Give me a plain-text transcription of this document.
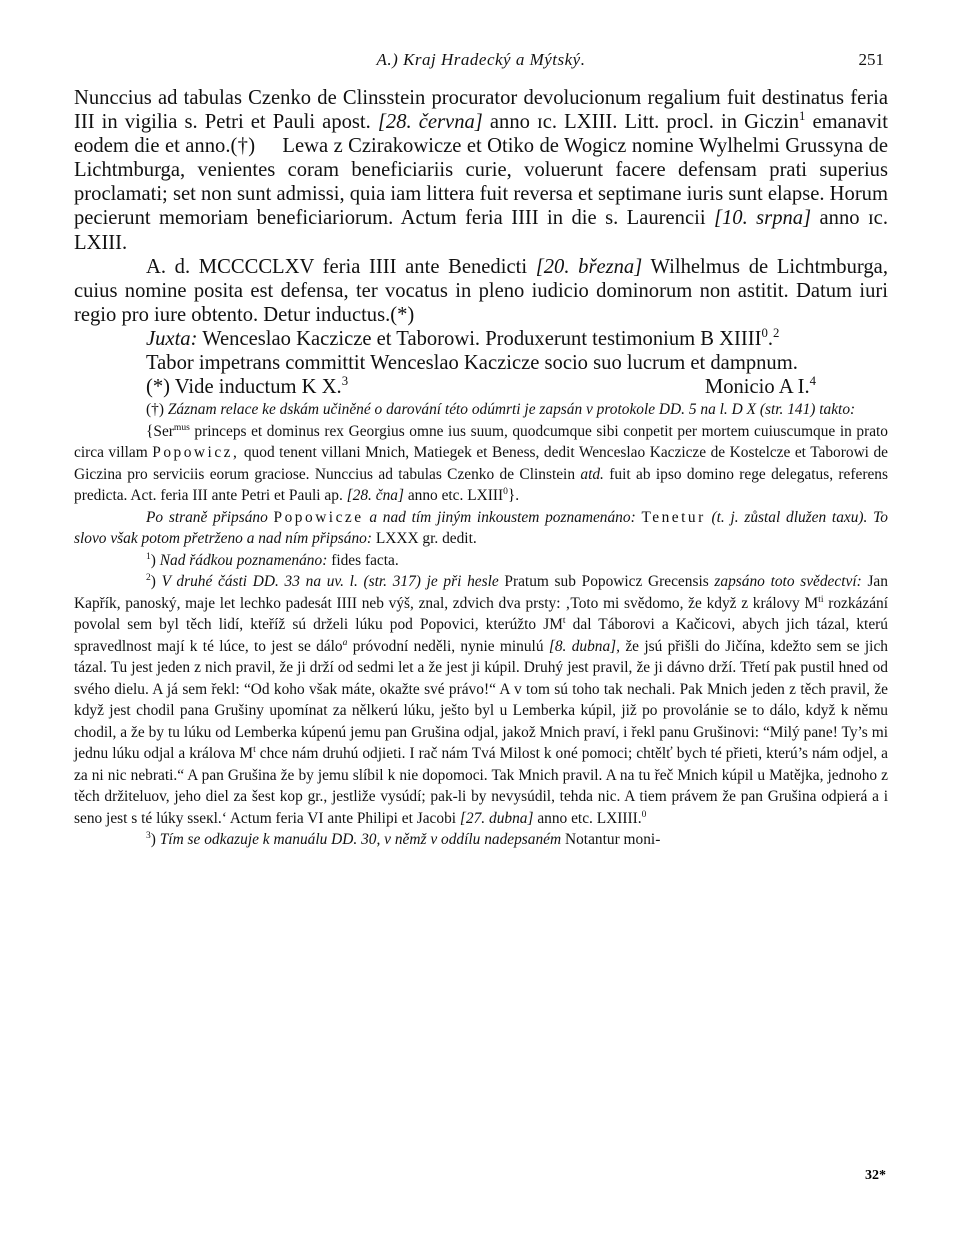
A.) Kraj Hradecký a Mýtský.	251

Nunccius ad tabulas Czenko de Clinsstein procurator devolucionum regalium fuit destinatus feria III in vigilia s. Petri et Pauli apost. [28. června] anno ɪc. LXIII. Litt. procl. in Giczin$^1$ emanavit eodem die et anno.(†) Lewa z Czirakowicze et Otiko de Wogicz nomine Wylhelmi Grussyna de Lichtmburga, venientes coram beneficiariis curie, voluerunt facere defensam prati superius proclamati; set non sunt admissi, quia iam littera fuit reversa et septimane iuris sunt elapse. Horum pecierunt memoriam beneficiariorum. Actum feria IIII in die s. Laurencii [10. srpna] anno ɪc. LXIII.

A. d. MCCCCLXV feria IIII ante Benedicti [20. března] Wilhelmus de Lichtmburga, cuius nomine posita est defensa, ter vocatus in pleno iudicio dominorum non astitit. Datum iuri regio pro iure obtento. Detur inductus.(*)

Juxta: Wenceslao Kaczicze et Taborowi. Produxerunt testimonium B XIIII$^0$.$^2$

Tabor impetrans committit Wenceslao Kaczicze socio suo lucrum et dampnum.

(*) Vide inductum K X.$^3$	Monicio A I.$^4$

(†) Záznam relace ke dskám učiněné o darování této odúmrti je zapsán v protokole DD. 5 na l. D X (str. 141) takto:

{Ser$^{mus}$ princeps et dominus rex Georgius omne ius suum, quodcumque sibi conpetit per mortem cuiuscumque in prato circa villam Popowicz, quod tenent villani Mnich, Matiegek et Beness, dedit Wenceslao Kaczicze de Kostelcze et Taborowi de Giczina pro serviciis eorum graciose. Nunccius ad tabulas Czenko de Clinstein atd. fuit ab ipso domino rege delegatus, referens predicta. Act. feria III ante Petri et Pauli ap. [28. čna] anno etc. LXIII$^0$}.

Po straně připsáno Popowicze a nad tím jiným inkoustem poznamenáno: Tenetur (t. j. zůstal dlužen taxu). To slovo však potom přetrženo a nad ním připsáno: LXXX gr. dedit.

$^1$) Nad řádkou poznamenáno: fides facta.

$^2$) V druhé části DD. 33 na uv. l. (str. 317) je při hesle Pratum sub Popowicz Grecensis zapsáno toto svědectví: Jan Kapřík, panoský, maje let lechko padesát IIII neb výš, znal, zdvich dva prsty: ‚Toto mi svědomo, že když z královy $M^{ti}$ rozkázání povolal sem byl těch lidí, kteříž sú drželi lúku pod Popovici, kterúžto $JM^t$ dal Táborovi a Kačicovi, abych jich tázal, kterú spravedlnost mají k té lúce, to jest se dálo$^a$ próvodní neděli, nynie minulú [8. dubna], že jsú přišli do Jičína, kdežto sem se jich tázal. Tu jest jeden z nich pravil, že ji drží od sedmi let a že jest ji kúpil. Druhý jest pravil, že ji dávno drží. Třetí pak pustil hned od svého dielu. A já sem řekl: “Od koho však máte, okažte své právo!“ A v tom sú toho tak nechali. Pak Mnich jeden z těch pravil, že když jest chodil pana Grušiny upomínat za nělkerú lúku, ješto byl u Lemberka kúpil, již po provolánie se to dálo, když k němu chodil, a že by tu lúku od Lemberka kúpenú jemu pan Grušina odjal, jakož Mnich praví, i řekl panu Grušinovi: “Milý pane! Ty’s mi jednu lúku odjal a králova $M^t$ chce nám druhú odjieti. I rač nám Tvá Milost k oné pomoci; chtělť bych té přieti, kterú’s nám odjel, a za ni nic nebrati.“ A pan Grušina že by jemu slíbil k nie dopomoci. Tak Mnich pravil. A na tu řeč Mnich kúpil u Matějka, jednoho z těch držiteluov, jeho diel za šest kop gr., jestliže vysúdí; pak-li by nevysúdil, tehda nic. A tiem právem že pan Grušina odpierá a i seno jest s té lúky sseкl.‘ Actum feria VI ante Philipi et Jacobi [27. dubna] anno etc. LXIIII.$^0$

$^3$) Tím se odkazuje k manuálu DD. 30, v němž v oddílu nadepsaném Notantur moni-

32*
